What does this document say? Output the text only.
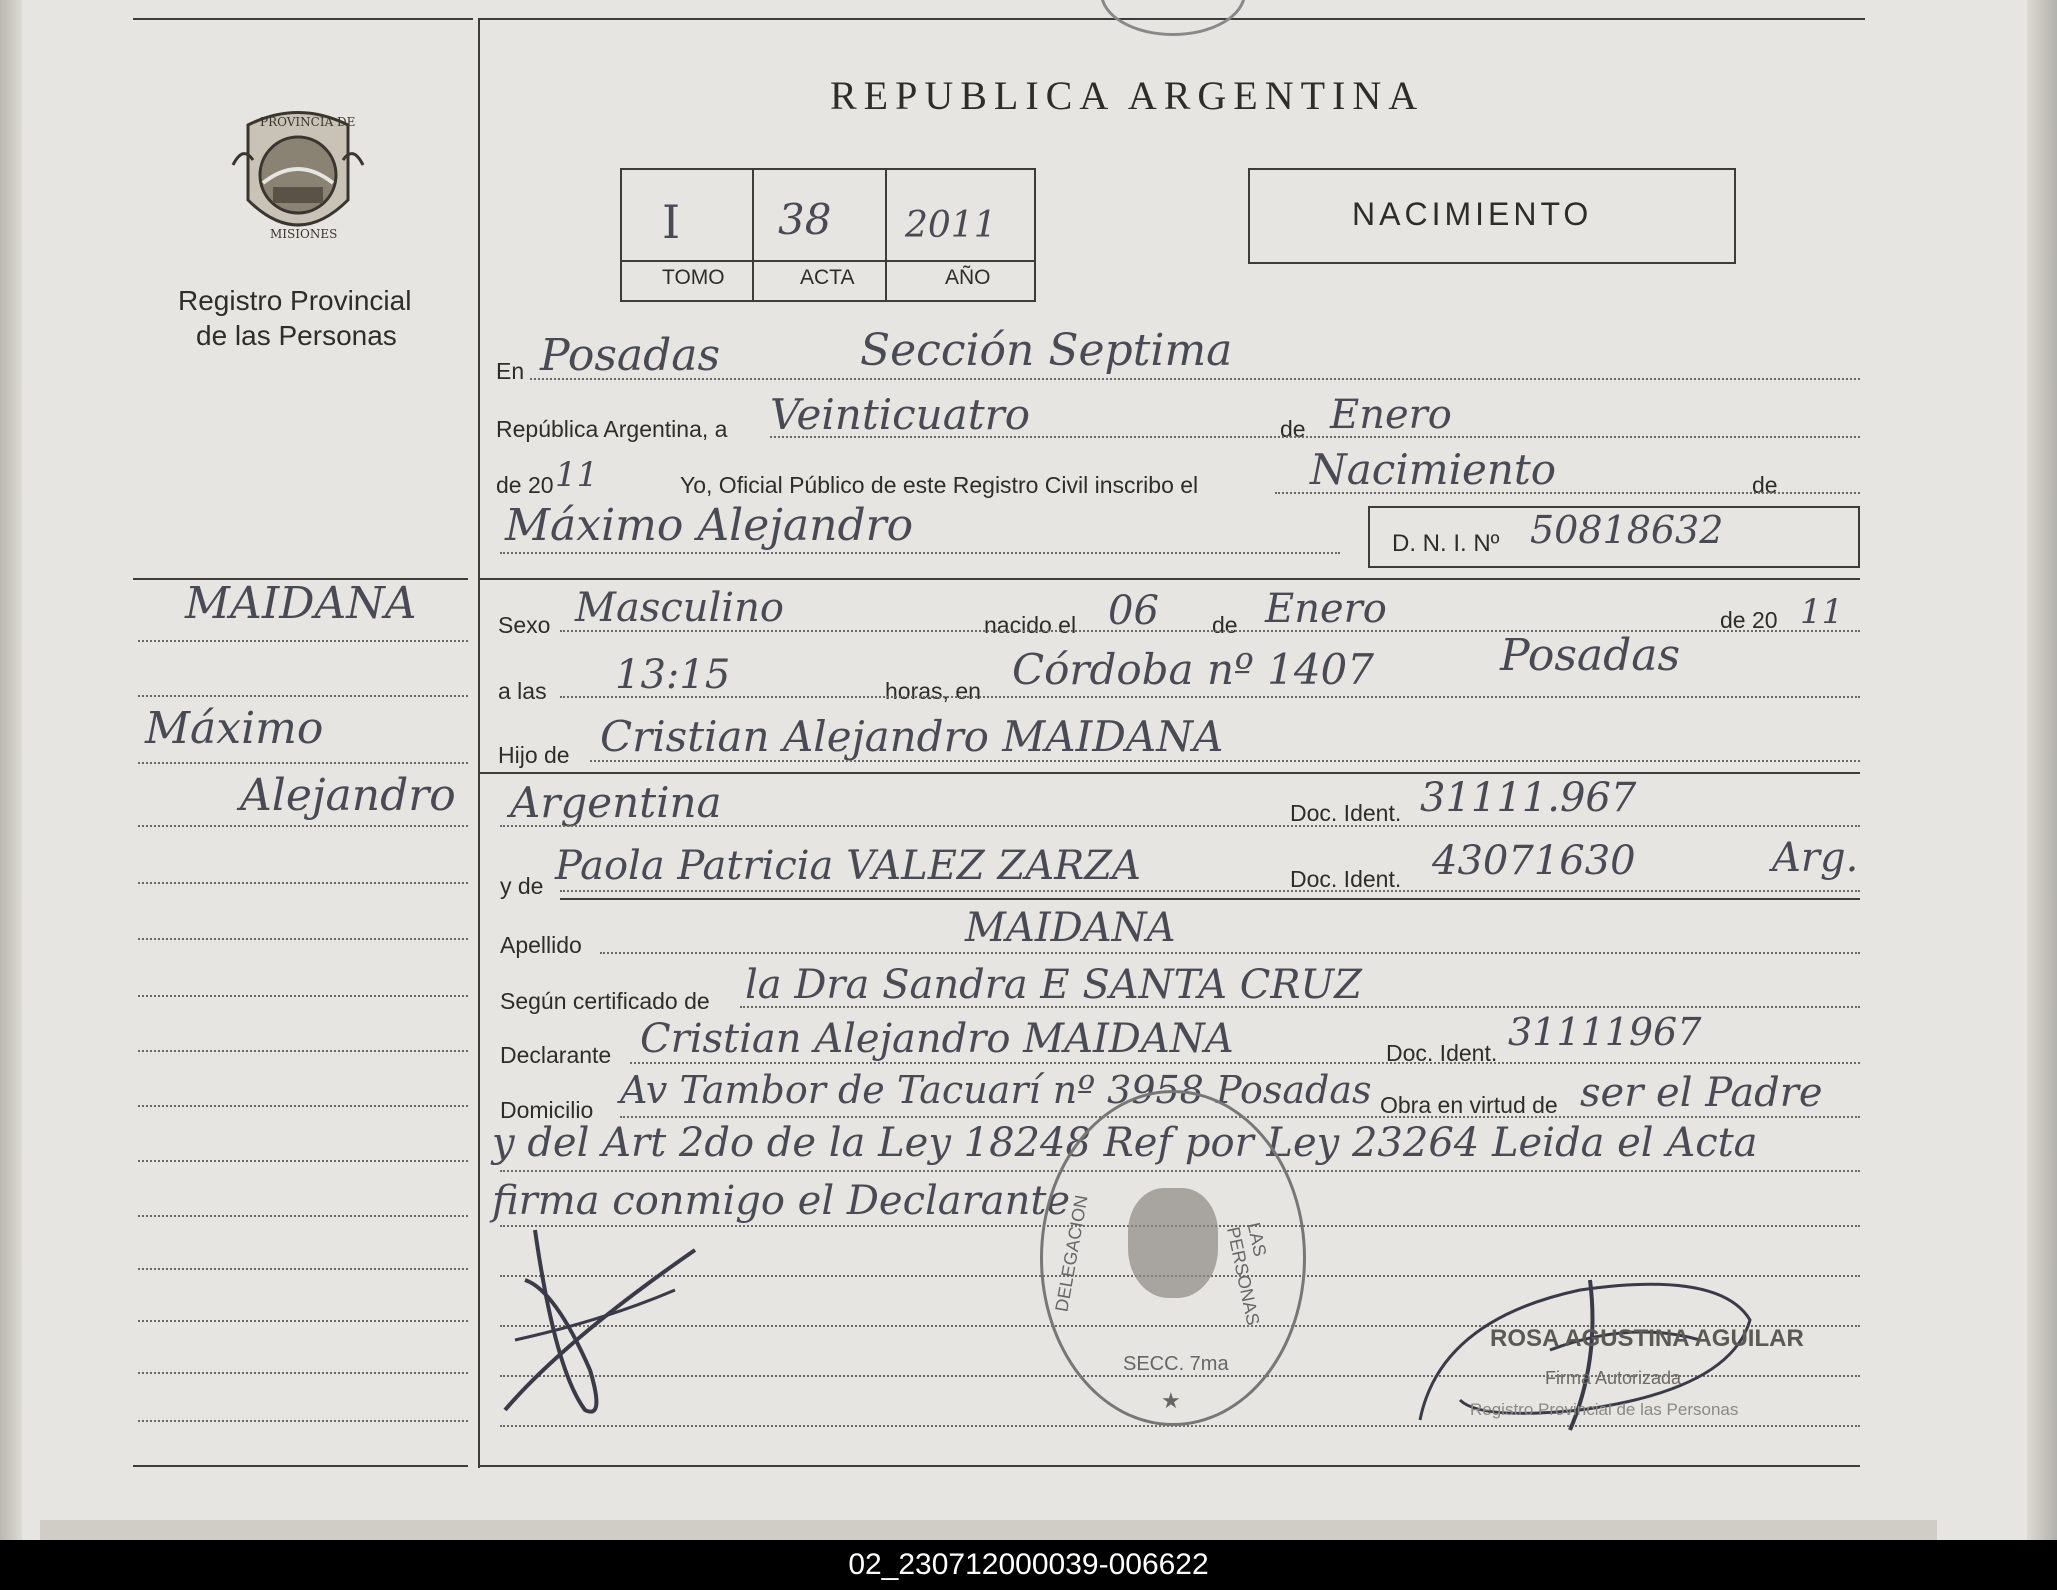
PROVINCIA DE
MISIONES
Registro Provincial
de las Personas
MAIDANA
Máximo
Alejandro
REPUBLICA ARGENTINA
I 38 2011
TOMO	ACTA	AÑO
NACIMIENTO
En Posadas	Sección Septima
República Argentina, a Veinticuatro	de Enero
de 20 11	Yo, Oficial Público de este Registro Civil inscribo el	Nacimiento	de
Máximo Alejandro	D. N. I. Nº 50818632
Sexo Masculino	nacido el 06 de Enero	de 20 11
a las 13:15	horas, en Córdoba nº 1407	Posadas
Hijo de Cristian Alejandro MAIDANA
Argentina	Doc. Ident. 31111.967
y de Paola Patricia VALEZ ZARZA	Doc. Ident. 43071630	Arg.
Apellido	MAIDANA
Según certificado de la Dra Sandra E SANTA CRUZ
Declarante Cristian Alejandro MAIDANA	Doc. Ident. 31111967
Domicilio Av Tambor de Tacuarí nº 3958 Posadas Obra en virtud de ser el Padre
y del Art 2do de la Ley 18248 Ref por Ley 23264 Leida el Acta
firma conmigo el Declarante
DELEGACION	LAS PERSONAS
SECC. 7ma
★
ROSA AGUSTINA AGUILAR
Firma Autorizada
Registro Provincial de las Personas
02_230712000039-006622
